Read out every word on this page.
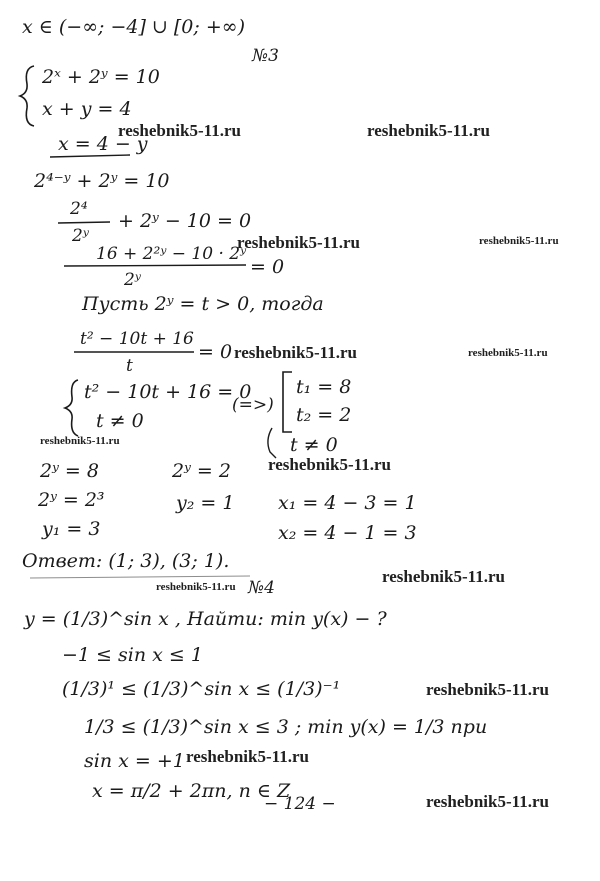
x ∈ (−∞; −4] ∪ [0; +∞)
№3
2ˣ + 2ʸ = 10
x + y = 4
x = 4 − y
2⁴⁻ʸ + 2ʸ = 10
2⁴
2ʸ
+ 2ʸ − 10 = 0
16 + 2²ʸ − 10 · 2ʸ
2ʸ
= 0
Пусть 2ʸ = t > 0, тогда
t² − 10t + 16
t
= 0
t² − 10t + 16 = 0
t ≠ 0
(=>)
t₁ = 8
t₂ = 2
t ≠ 0
2ʸ = 8
2ʸ = 2³
y₁ = 3
2ʸ = 2
y₂ = 1 x₁ = 4 − 3 = 1
x₂ = 4 − 1 = 3
Ответ: (1; 3), (3; 1).
№4
y = (1/3)^sin x , Найти: min y(x) − ?
−1 ≤ sin x ≤ 1
(1/3)¹ ≤ (1/3)^sin x ≤ (1/3)⁻¹
1/3 ≤ (1/3)^sin x ≤ 3 ; min y(x) = 1/3 при
sin x = +1
x = π/2 + 2πn, n ∈ Z
− 124 −
reshebnik5-11.ru	reshebnik5-11.ru
reshebnik5-11.ru	reshebnik5-11.ru
reshebnik5-11.ru	reshebnik5-11.ru
reshebnik5-11.ru
reshebnik5-11.ru
reshebnik5-11.ru
reshebnik5-11.ru
reshebnik5-11.ru
reshebnik5-11.ru
reshebnik5-11.ru
